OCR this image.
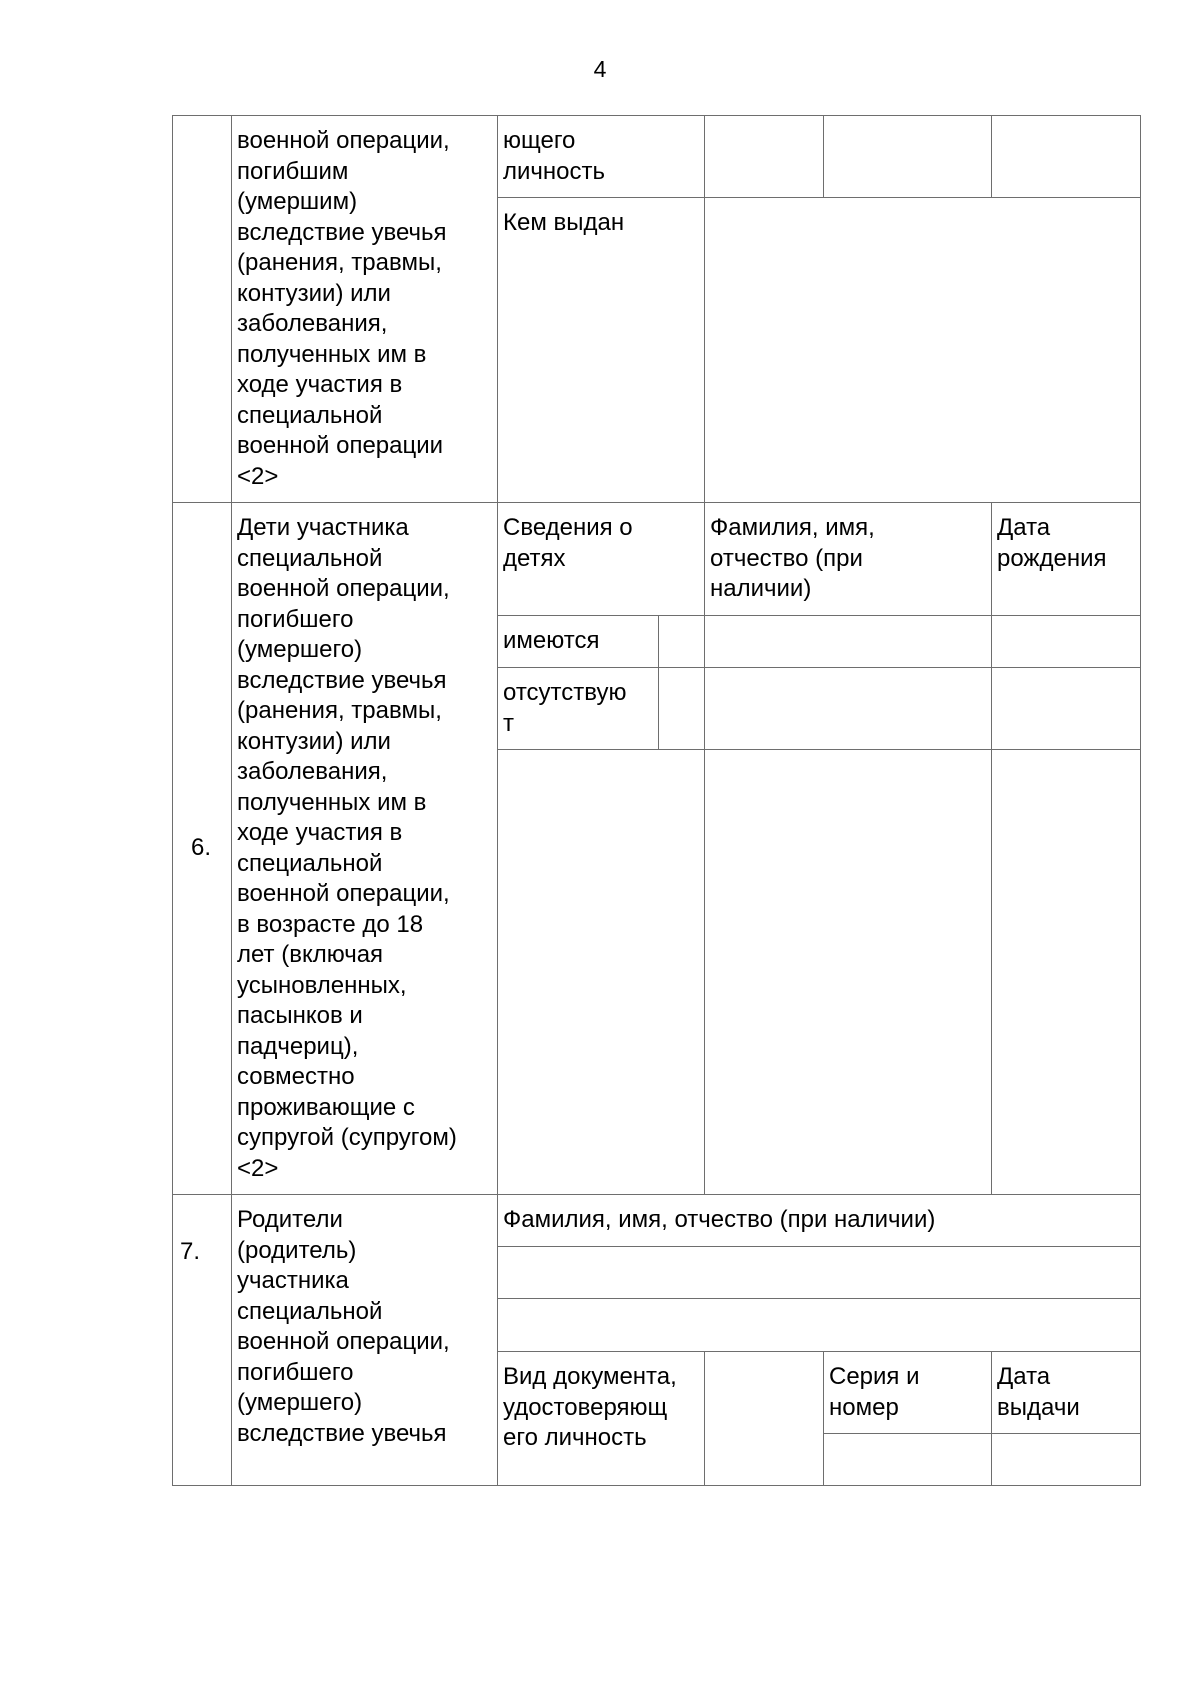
4
военной операции,
погибшим
(умершим)
вследствие увечья
(ранения, травмы,
контузии) или
заболевания,
полученных им в
ходе участия в
специальной
военной операции
<2>
ющего
личность
Кем выдан
6.
Дети участника
специальной
военной операции,
погибшего
(умершего)
вследствие увечья
(ранения, травмы,
контузии) или
заболевания,
полученных им в
ходе участия в
специальной
военной операции,
в возрасте до 18
лет (включая
усыновленных,
пасынков и
падчериц),
совместно
проживающие с
супругой (супругом)
<2>
Сведения о
детях
Фамилия, имя,
отчество (при
наличии)
Дата
рождения
имеются
отсутствую
т
7.
Родители
(родитель)
участника
специальной
военной операции,
погибшего
(умершего)
вследствие увечья
Фамилия, имя, отчество (при наличии)
Вид документа,
удостоверяющ
его личность
Серия и
номер
Дата
выдачи
